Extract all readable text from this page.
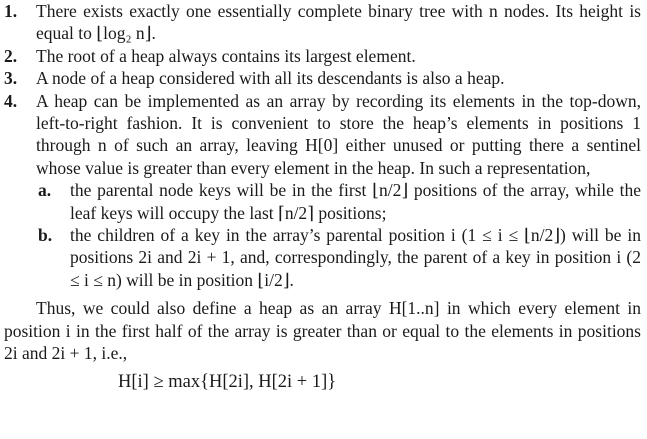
1. There exists exactly one essentially complete binary tree with n nodes. Its height is equal to ⌊log₂ n⌋.

2. The root of a heap always contains its largest element.

3. A node of a heap considered with all its descendants is also a heap.

4. A heap can be implemented as an array by recording its elements in the top-down, left-to-right fashion. It is convenient to store the heap’s elements in positions 1 through n of such an array, leaving H[0] either unused or putting there a sentinel whose value is greater than every element in the heap. In such a representation,

a. the parental node keys will be in the first ⌊n/2⌋ positions of the array, while the leaf keys will occupy the last ⌈n/2⌉ positions;

b. the children of a key in the array’s parental position i (1 ≤ i ≤ ⌊n/2⌋) will be in positions 2i and 2i + 1, and, correspondingly, the parent of a key in position i (2 ≤ i ≤ n) will be in position ⌊i/2⌋.

Thus, we could also define a heap as an array H[1..n] in which every element in position i in the first half of the array is greater than or equal to the elements in positions 2i and 2i + 1, i.e.,

H[i] ≥ max{H[2i], H[2i + 1]}
